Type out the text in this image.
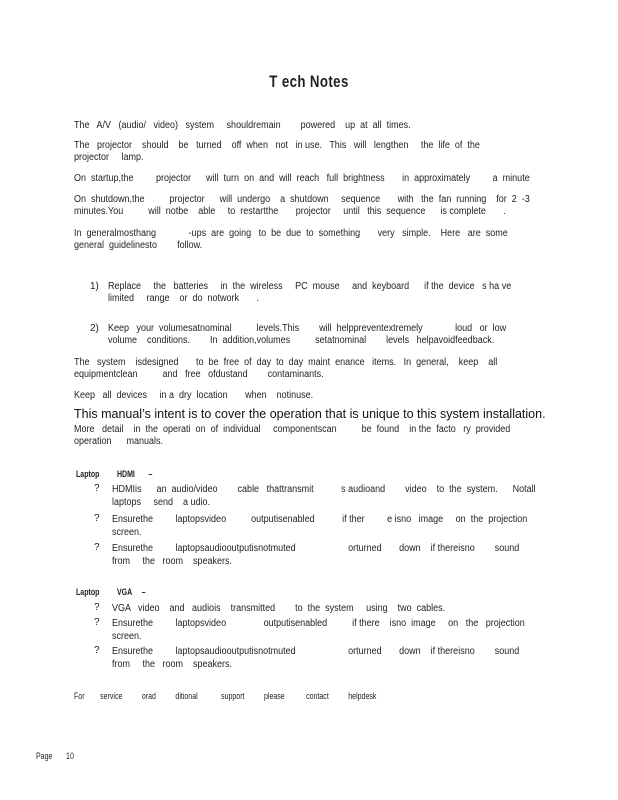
T ech Notes
The   A/V   (audio/   video)   system     shouldremain        powered    up  at  all  times.
The   projector    should    be   turned    off  when   not   in use.   This   will   lengthen     the  life  of  the
projector     lamp.
On  startup,the         projector      will  turn  on  and  will  reach   full  brightness       in  approximately         a  minute
On  shutdown,the          projector      will  undergo    a  shutdown     sequence       with   the  fan  running    for  2  -3
minutes.You          will  notbe    able     to  restartthe       projector     until   this  sequence      is complete       .
In  generalmosthang             -ups  are  going   to  be  due  to  something       very   simple.    Here   are  some
general  guidelinesto        follow.
1) Replace     the   batteries     in  the  wireless     PC  mouse     and  keyboard      if the  device   s ha ve
limited     range    or  do  notwork       .
2) Keep   your  volumesatnominal          levels.This        will  helppreventextremely             loud   or  low
volume    conditions.        In  addition,volumes          setatnominal        levels   helpavoidfeedback.
The   system    isdesigned       to  be  free  of  day  to  day  maint  enance   items.   In  general,    keep    all
equipmentclean          and   free   ofdustand        contaminants.
Keep   all  devices     in a  dry  location       when    notinuse.
This manual’s intent is to cover the operation that is unique to this system installation.
More   detail    in  the  operati  on  of  individual     componentscan          be  found    in the  facto   ry  provided
operation      manuals.
Laptop         HDMI       –
? HDMIis      an  audio/video        cable   thattransmit           s audioand        video    to  the  system.      Notall
laptops     send    a udio.
? Ensurethe         laptopsvideo          outputisenabled           if ther         e isno   image     on  the  projection
screen.
? Ensurethe         laptopsaudiooutputisnotmuted                     orturned       down    if thereisno        sound
from     the   room    speakers.
Laptop         VGA     –
? VGA   video    and   audiois    transmitted        to  the  system     using    two  cables.
? Ensurethe         laptopsvideo               outputisenabled          if there    isno  image     on   the   projection
screen.
? Ensurethe         laptopsaudiooutputisnotmuted                     orturned       down    if thereisno        sound
from     the   room    speakers.
For        service          orad          ditional            support          please           contact          helpdesk
Page       10
